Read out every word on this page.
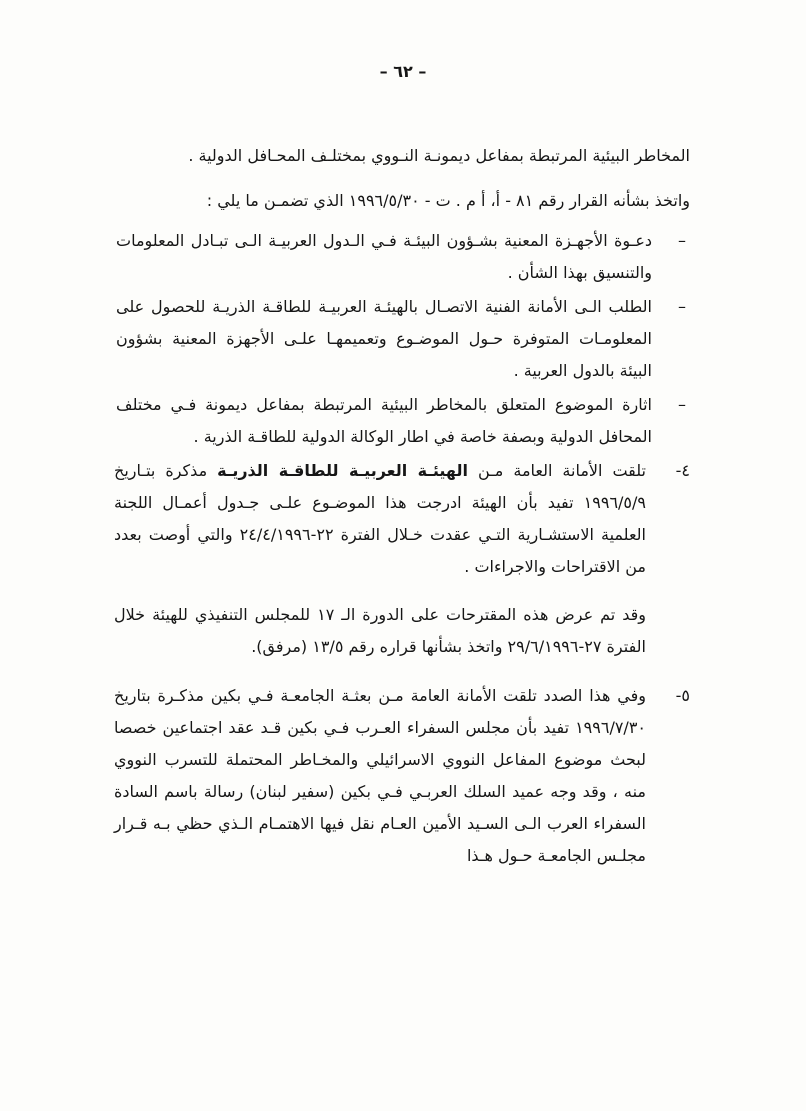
– ٦٢ –

المخاطر البيئية المرتبطة بمفاعل ديمونـة النـووي بمختلـف المحـافل الدولية .

واتخذ بشأنه القرار رقم ٨١ - أ، أ م . ت - ١٩٩٦/٥/٣٠ الذي تضمـن ما يلي :

–
دعـوة الأجهـزة المعنية بشـؤون البيئـة فـي الـدول العربيـة الـى تبـادل المعلومات والتنسيق بهذا الشأن .
–
الطلب الـى الأمانة الفنية الاتصـال بالهيئـة العربيـة للطاقـة الذريـة للحصول على المعلومـات المتوفرة حـول الموضـوع وتعميمهـا علـى الأجهزة المعنية بشؤون البيئة بالدول العربية .
–
اثارة الموضوع المتعلق بالمخاطر البيئية المرتبطة بمفاعل ديمونة فـي مختلف المحافل الدولية وبصفة خاصة في اطار الوكالة الدولية للطاقـة الذرية .
٤-
تلقت الأمانة العامة مـن الهيئـة العربيـة للطاقـة الذريـة مذكرة بتـاريخ ١٩٩٦/٥/٩ تفيد بأن الهيئة ادرجت هذا الموضـوع علـى جـدول أعمـال اللجنة العلمية الاستشـارية التـي عقدت خـلال الفترة ٢٢-٢٤/٤/١٩٩٦ والتي أوصت بعدد من الاقتراحات والاجراءات .

وقد تم عرض هذه المقترحات على الدورة الـ ١٧ للمجلس التنفيذي للهيئة خلال الفترة ٢٧-٢٩/٦/١٩٩٦ واتخذ بشأنها قراره رقم ١٣/٥ (مرفق).

٥-
وفي هذا الصدد تلقت الأمانة العامة مـن بعثـة الجامعـة فـي بكين مذكـرة بتاريخ ١٩٩٦/٧/٣٠ تفيد بأن مجلس السفراء العـرب فـي بكين قـد عقد اجتماعين خصصا لبحث موضوع المفاعل النووي الاسرائيلي والمخـاطر المحتملة للتسرب النووي منه ، وقد وجه عميد السلك العربـي فـي بكين (سفير لبنان) رسالة باسم السادة السفراء العرب الـى السـيد الأمين العـام نقل فيها الاهتمـام الـذي حظي بـه قـرار مجلـس الجامعـة حـول هـذا
